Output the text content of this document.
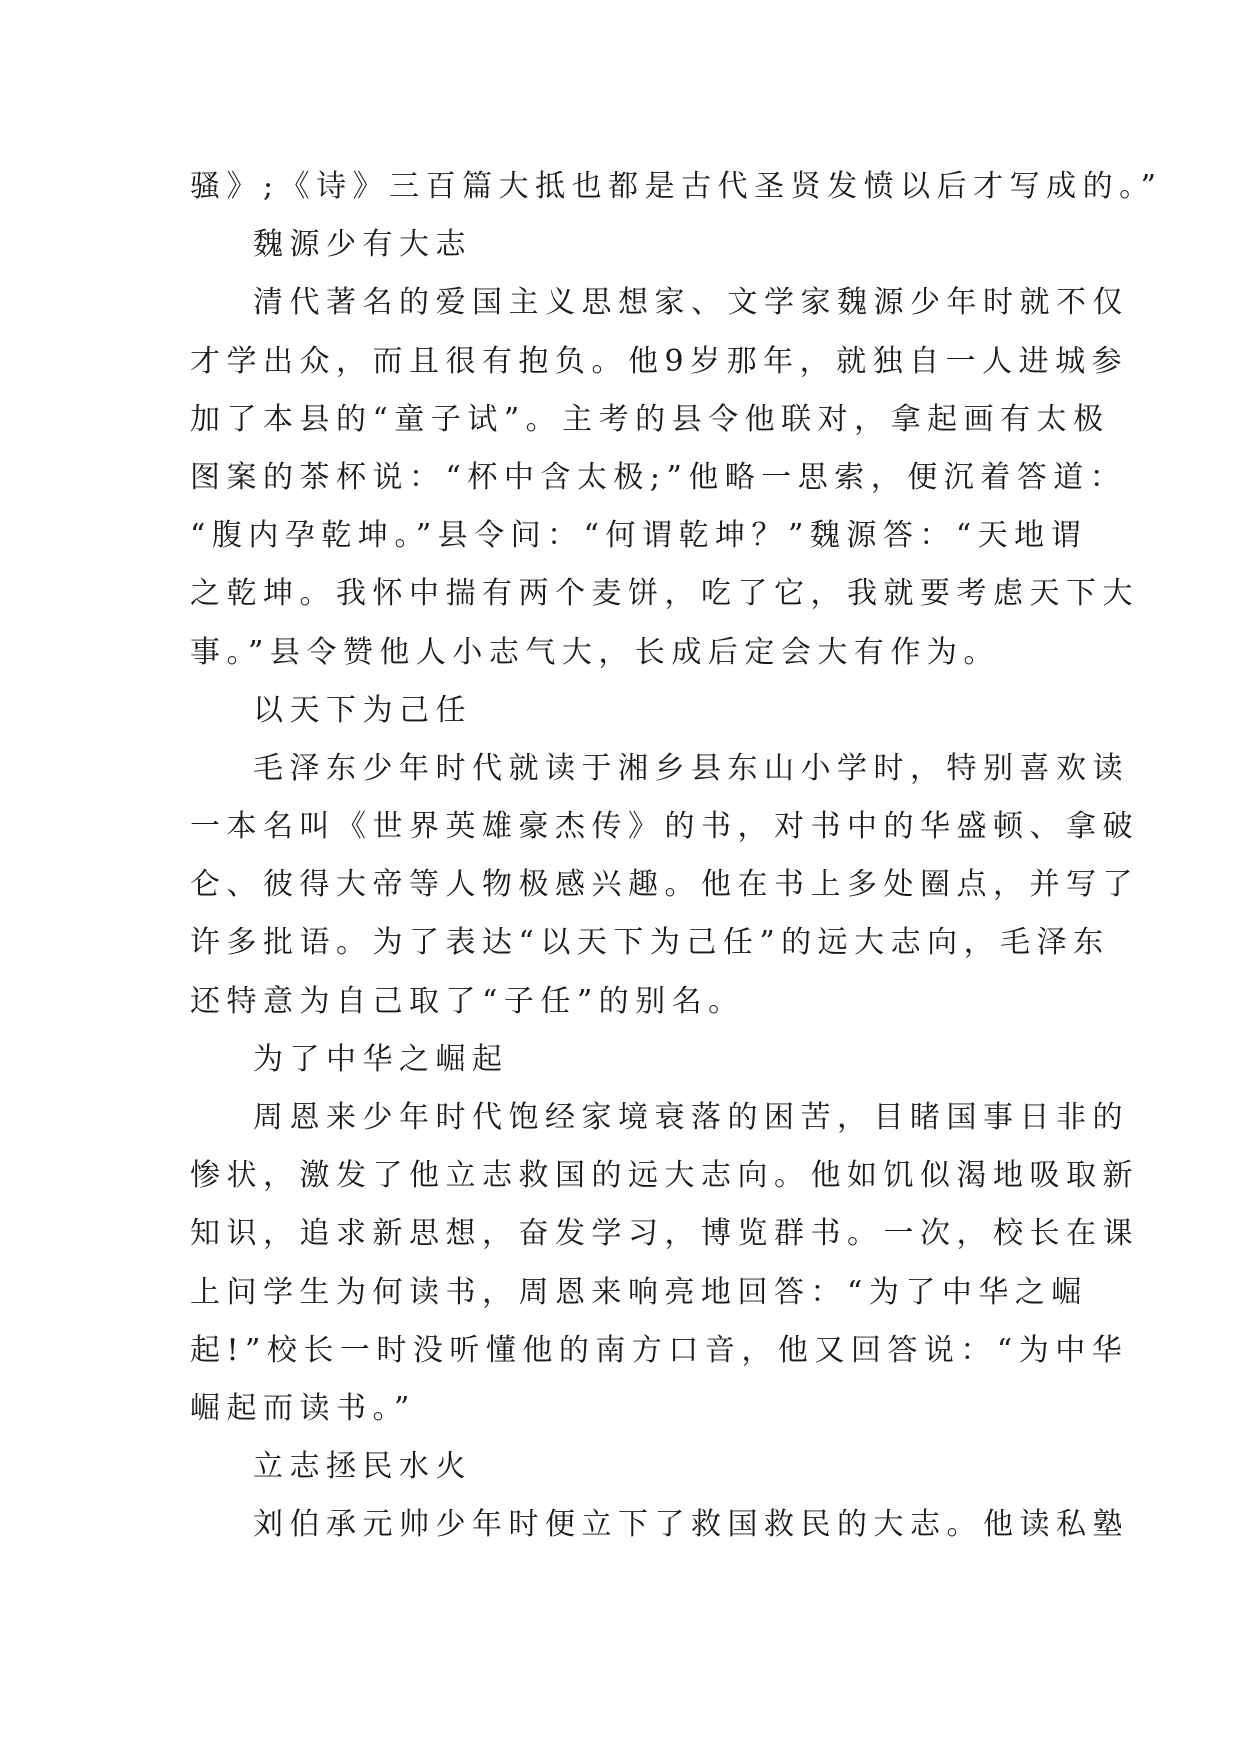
骚》;《诗》三百篇大抵也都是古代圣贤发愤以后才写成的。”
魏源少有大志
清代著名的爱国主义思想家、文学家魏源少年时就不仅
才学出众，而且很有抱负。他9岁那年，就独自一人进城参
加了本县的“童子试”。主考的县令他联对，拿起画有太极
图案的茶杯说：“杯中含太极;”他略一思索，便沉着答道：
“腹内孕乾坤。”县令问：“何谓乾坤？”魏源答：“天地谓
之乾坤。我怀中揣有两个麦饼，吃了它，我就要考虑天下大
事。”县令赞他人小志气大，长成后定会大有作为。
以天下为己任
毛泽东少年时代就读于湘乡县东山小学时，特别喜欢读
一本名叫《世界英雄豪杰传》的书，对书中的华盛顿、拿破
仑、彼得大帝等人物极感兴趣。他在书上多处圈点，并写了
许多批语。为了表达“以天下为己任”的远大志向，毛泽东
还特意为自己取了“子任”的别名。
为了中华之崛起
周恩来少年时代饱经家境衰落的困苦，目睹国事日非的
惨状，激发了他立志救国的远大志向。他如饥似渴地吸取新
知识，追求新思想，奋发学习，博览群书。一次，校长在课
上问学生为何读书，周恩来响亮地回答：“为了中华之崛
起!”校长一时没听懂他的南方口音，他又回答说：“为中华
崛起而读书。”
立志拯民水火
刘伯承元帅少年时便立下了救国救民的大志。他读私塾
